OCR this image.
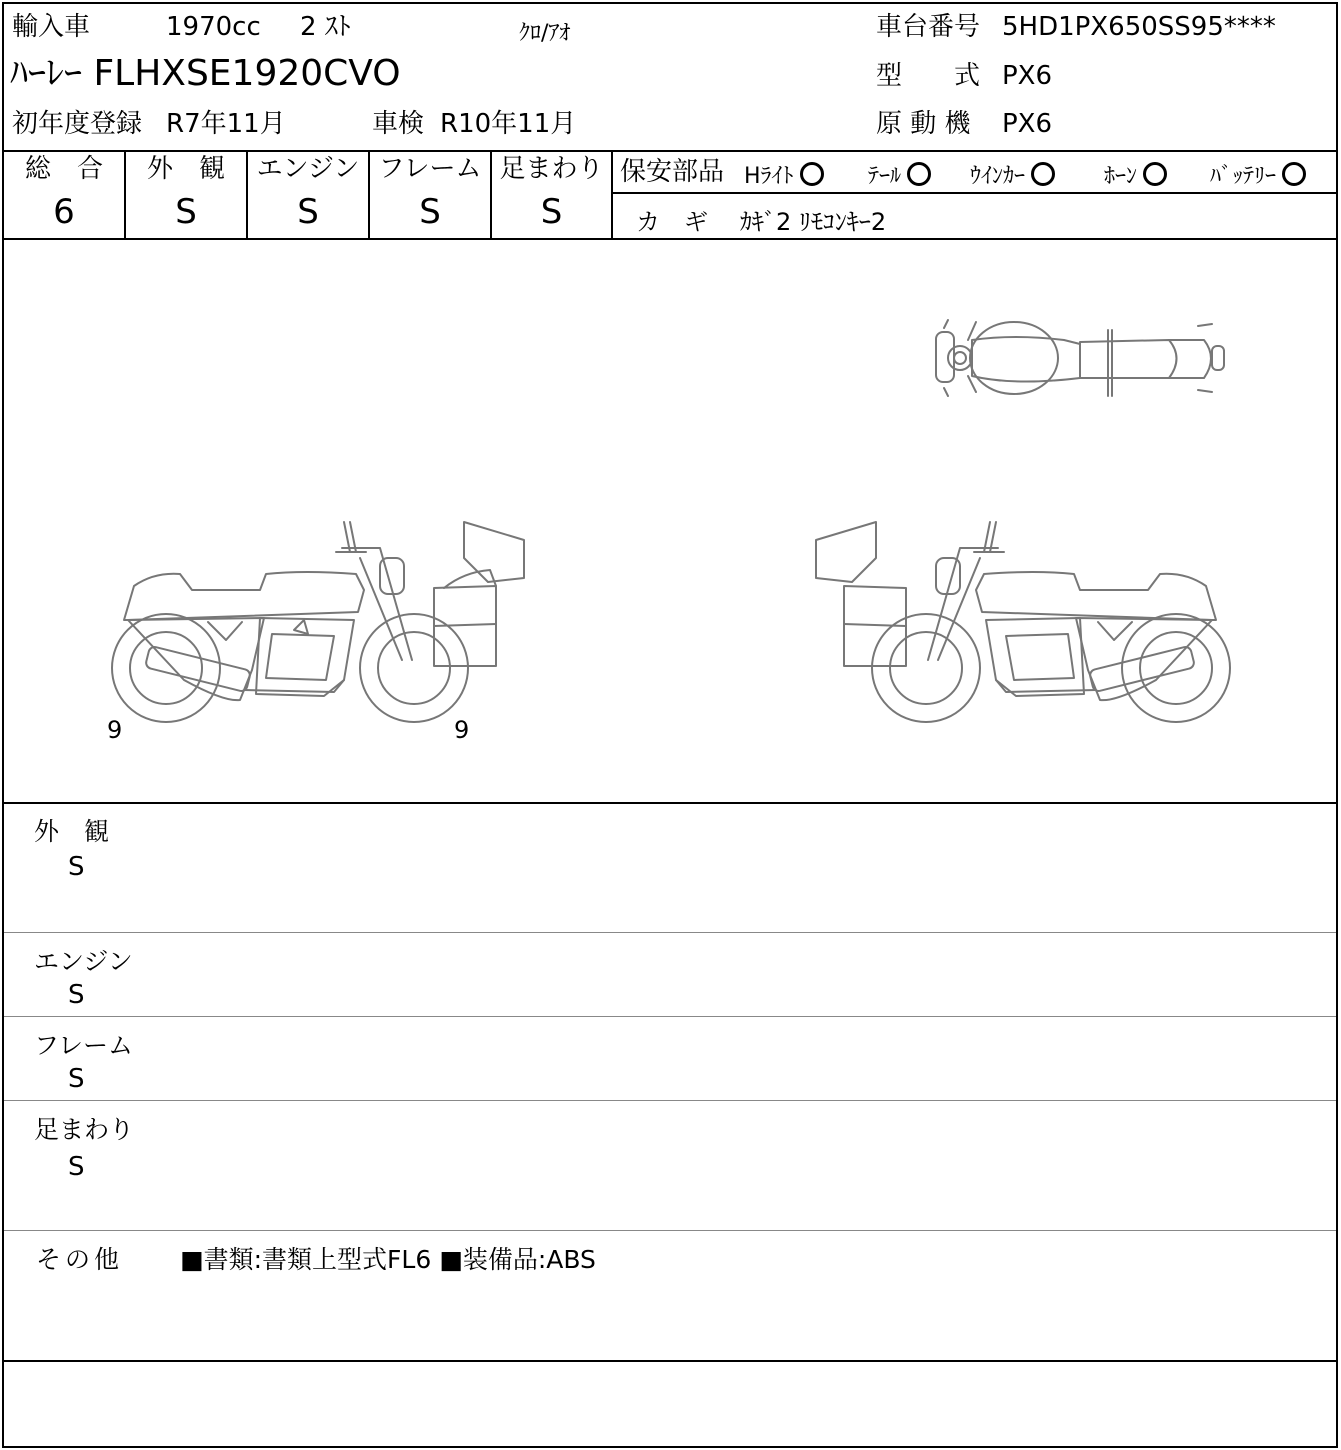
輸入車	1970cc 2 ｽﾄ	ｸﾛ/ｱｵ
ﾊｰﾚｰ FLHXSE1920CVO
初年度登録 R7年11月	車検 R10年11月
車台番号 5HD1PX650SS95****
型　　式 PX6
原 動 機 PX6
総　合
6
外　観
S
エンジン
S
フレーム
S
足まわり
S
保安部品 Hﾗｲﾄ	ﾃｰﾙ	ｳｲﾝｶｰ	ﾎｰﾝ	ﾊﾞｯﾃﾘｰ
カ　ギ ｶｷﾞ2 ﾘﾓｺﾝｷｰ2
9	9
外　観
S
エンジン
S
フレーム
S
足まわり
S
その他 ■書類:書類上型式FL6 ■装備品:ABS
